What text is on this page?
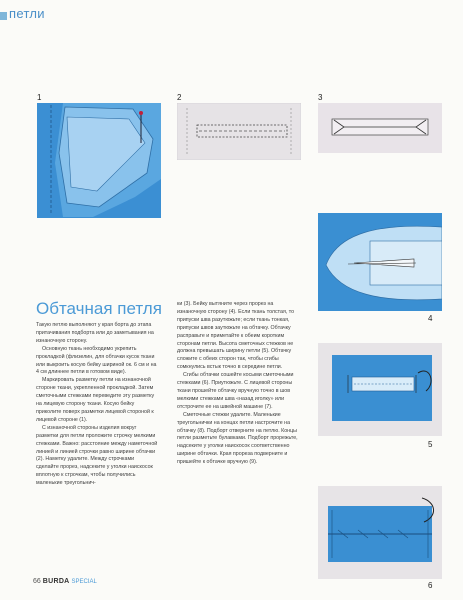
петли
1	2	3
4
5
6
Обтачная петля

Такую петлю выполняют у края борта до этапа притачивания подборта или до заметывания на изнаночную сторону.

Основную ткань необходимо укрепить прокладкой (флизелин, для обтачки кусок ткани или выкроить косую бейку шириной ок. 6 см и на 4 см длиннее петли в готовом виде).

Маркировать разметку петли на изнаночной стороне ткани, укрепленной прокладкой. Затем сметочными стежками переведите эту разметку на лицевую сторону ткани. Косую бейку приколите поверх разметки лицевой стороной к лицевой стороне (1).

С изнаночной стороны изделия вокруг разметки для петли проложите строчку мелкими стежками. Важно: расстояние между наметочной линией и линией строчки равно ширине обтачки (2). Наметку удалите. Между строчками сделайте прорез, надсеките у уголки наискосок вплотную к строчкам, чтобы получились маленькие треугольнич-

ки (3). Бейку вытяните через прорез на изнаночную сторону (4). Если ткань толстая, то припуски шва разутюжьте; если ткань тонкая, припуски швов заутюжьте на обтачку. Обтачку расправьте и приметайте к обеим коротким сторонам петли. Высота сметочных стежков не должна превышать ширину петли (5). Обтачку сложите с обеих сторон так, чтобы сгибы сомкнулись встык точно в середине петли.

Сгибы обтачки сошейте косыми сметочными стежками (6). Приутюжьте. С лицевой стороны ткани прошейте обтачку вручную точно в шов мелкими стежками шва «назад иголку» или отстрочите ее на швейной машине (7).

Сметочные стежки удалите. Маленькие треугольнички на концах петли настрочите на обтачку (8). Подборт отверните на петлю. Концы петли разметьте булавками. Подборт прорежьте, надсеките у уголки наискосок соответственно ширине обтачки. Края прореза подверните и пришейте к обтачке вручную (9).

66 BURDA SPECIAL
